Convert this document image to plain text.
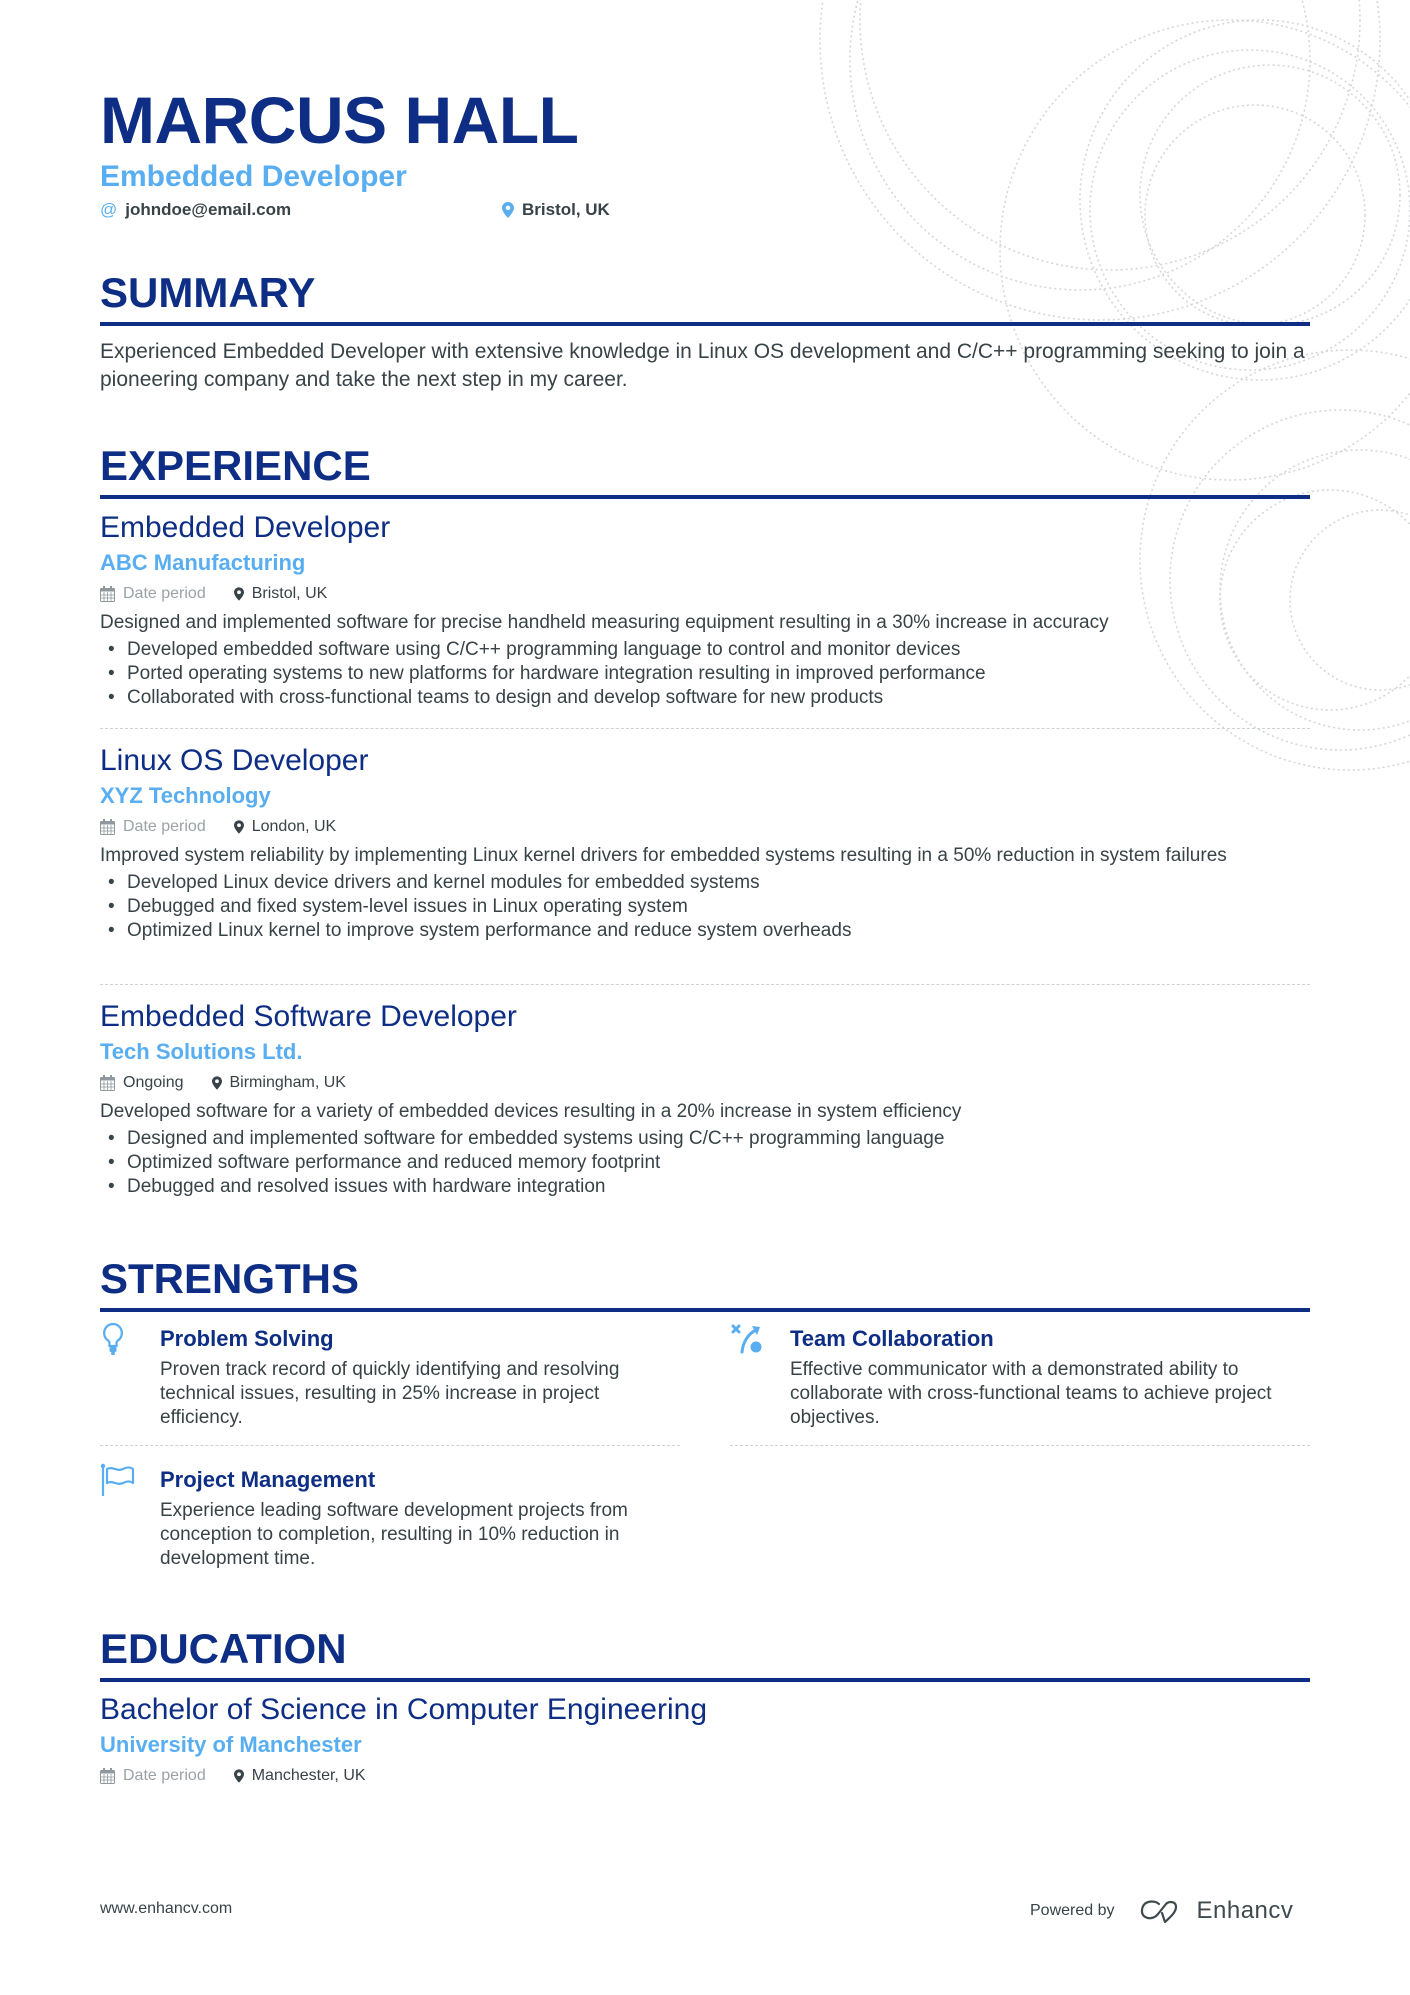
MARCUS HALL
Embedded Developer
@ johndoe@email.com	Bristol, UK
SUMMARY
Experienced Embedded Developer with extensive knowledge in Linux OS development and C/C++ programming seeking to join a pioneering company and take the next step in my career.
EXPERIENCE
Embedded Developer
ABC Manufacturing
Date period	Bristol, UK
Designed and implemented software for precise handheld measuring equipment resulting in a 30% increase in accuracy
• Developed embedded software using C/C++ programming language to control and monitor devices
• Ported operating systems to new platforms for hardware integration resulting in improved performance
• Collaborated with cross-functional teams to design and develop software for new products
Linux OS Developer
XYZ Technology
Date period	London, UK
Improved system reliability by implementing Linux kernel drivers for embedded systems resulting in a 50% reduction in system failures
• Developed Linux device drivers and kernel modules for embedded systems
• Debugged and fixed system-level issues in Linux operating system
• Optimized Linux kernel to improve system performance and reduce system overheads
Embedded Software Developer
Tech Solutions Ltd.
Ongoing	Birmingham, UK
Developed software for a variety of embedded devices resulting in a 20% increase in system efficiency
• Designed and implemented software for embedded systems using C/C++ programming language
• Optimized software performance and reduced memory footprint
• Debugged and resolved issues with hardware integration
STRENGTHS
Problem Solving
Proven track record of quickly identifying and resolving technical issues, resulting in 25% increase in project efficiency.
Team Collaboration
Effective communicator with a demonstrated ability to collaborate with cross-functional teams to achieve project objectives.
Project Management
Experience leading software development projects from conception to completion, resulting in 10% reduction in development time.
EDUCATION
Bachelor of Science in Computer Engineering
University of Manchester
Date period	Manchester, UK
www.enhancv.com	Powered by	Enhancv
